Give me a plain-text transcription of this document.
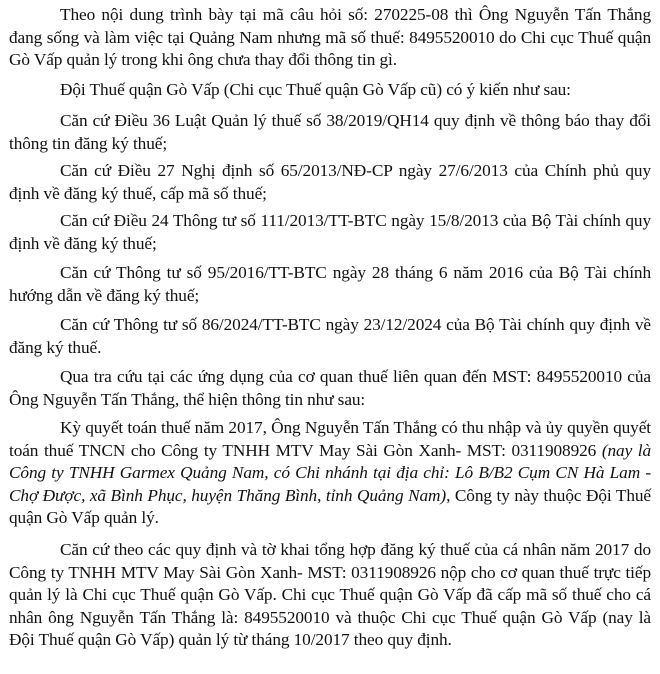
Theo nội dung trình bày tại mã câu hỏi số: 270225-08 thì Ông Nguyễn Tấn Thắng đang sống và làm việc tại Quảng Nam nhưng mã số thuế: 8495520010 do Chi cục Thuế quận Gò Vấp quản lý trong khi ông chưa thay đổi thông tin gì.

Đội Thuế quận Gò Vấp (Chi cục Thuế quận Gò Vấp cũ) có ý kiến như sau:

Căn cứ Điều 36 Luật Quản lý thuế số 38/2019/QH14 quy định về thông báo thay đổi thông tin đăng ký thuế;

Căn cứ Điều 27 Nghị định số 65/2013/NĐ-CP ngày 27/6/2013 của Chính phủ quy định về đăng ký thuế, cấp mã số thuế;

Căn cứ Điều 24 Thông tư số 111/2013/TT-BTC ngày 15/8/2013 của Bộ Tài chính quy định về đăng ký thuế;

Căn cứ Thông tư số 95/2016/TT-BTC ngày 28 tháng 6 năm 2016 của Bộ Tài chính hướng dẫn về đăng ký thuế;

Căn cứ Thông tư số 86/2024/TT-BTC ngày 23/12/2024 của Bộ Tài chính quy định về đăng ký thuế.

Qua tra cứu tại các ứng dụng của cơ quan thuế liên quan đến MST: 8495520010 của Ông Nguyễn Tấn Thắng, thể hiện thông tin như sau:

Kỳ quyết toán thuế năm 2017, Ông Nguyễn Tấn Thắng có thu nhập và ủy quyền quyết toán thuế TNCN cho Công ty TNHH MTV May Sài Gòn Xanh- MST: 0311908926 (nay là Công ty TNHH Garmex Quảng Nam, có Chi nhánh tại địa chỉ: Lô B/B2 Cụm CN Hà Lam - Chợ Được, xã Bình Phục, huyện Thăng Bình, tỉnh Quảng Nam), Công ty này thuộc Đội Thuế quận Gò Vấp quản lý.

Căn cứ theo các quy định và tờ khai tổng hợp đăng ký thuế của cá nhân năm 2017 do Công ty TNHH MTV May Sài Gòn Xanh- MST: 0311908926 nộp cho cơ quan thuế trực tiếp quản lý là Chi cục Thuế quận Gò Vấp. Chi cục Thuế quận Gò Vấp đã cấp mã số thuế cho cá nhân ông Nguyễn Tấn Thắng là: 8495520010 và thuộc Chi cục Thuế quận Gò Vấp (nay là Đội Thuế quận Gò Vấp) quản lý từ tháng 10/2017 theo quy định.
